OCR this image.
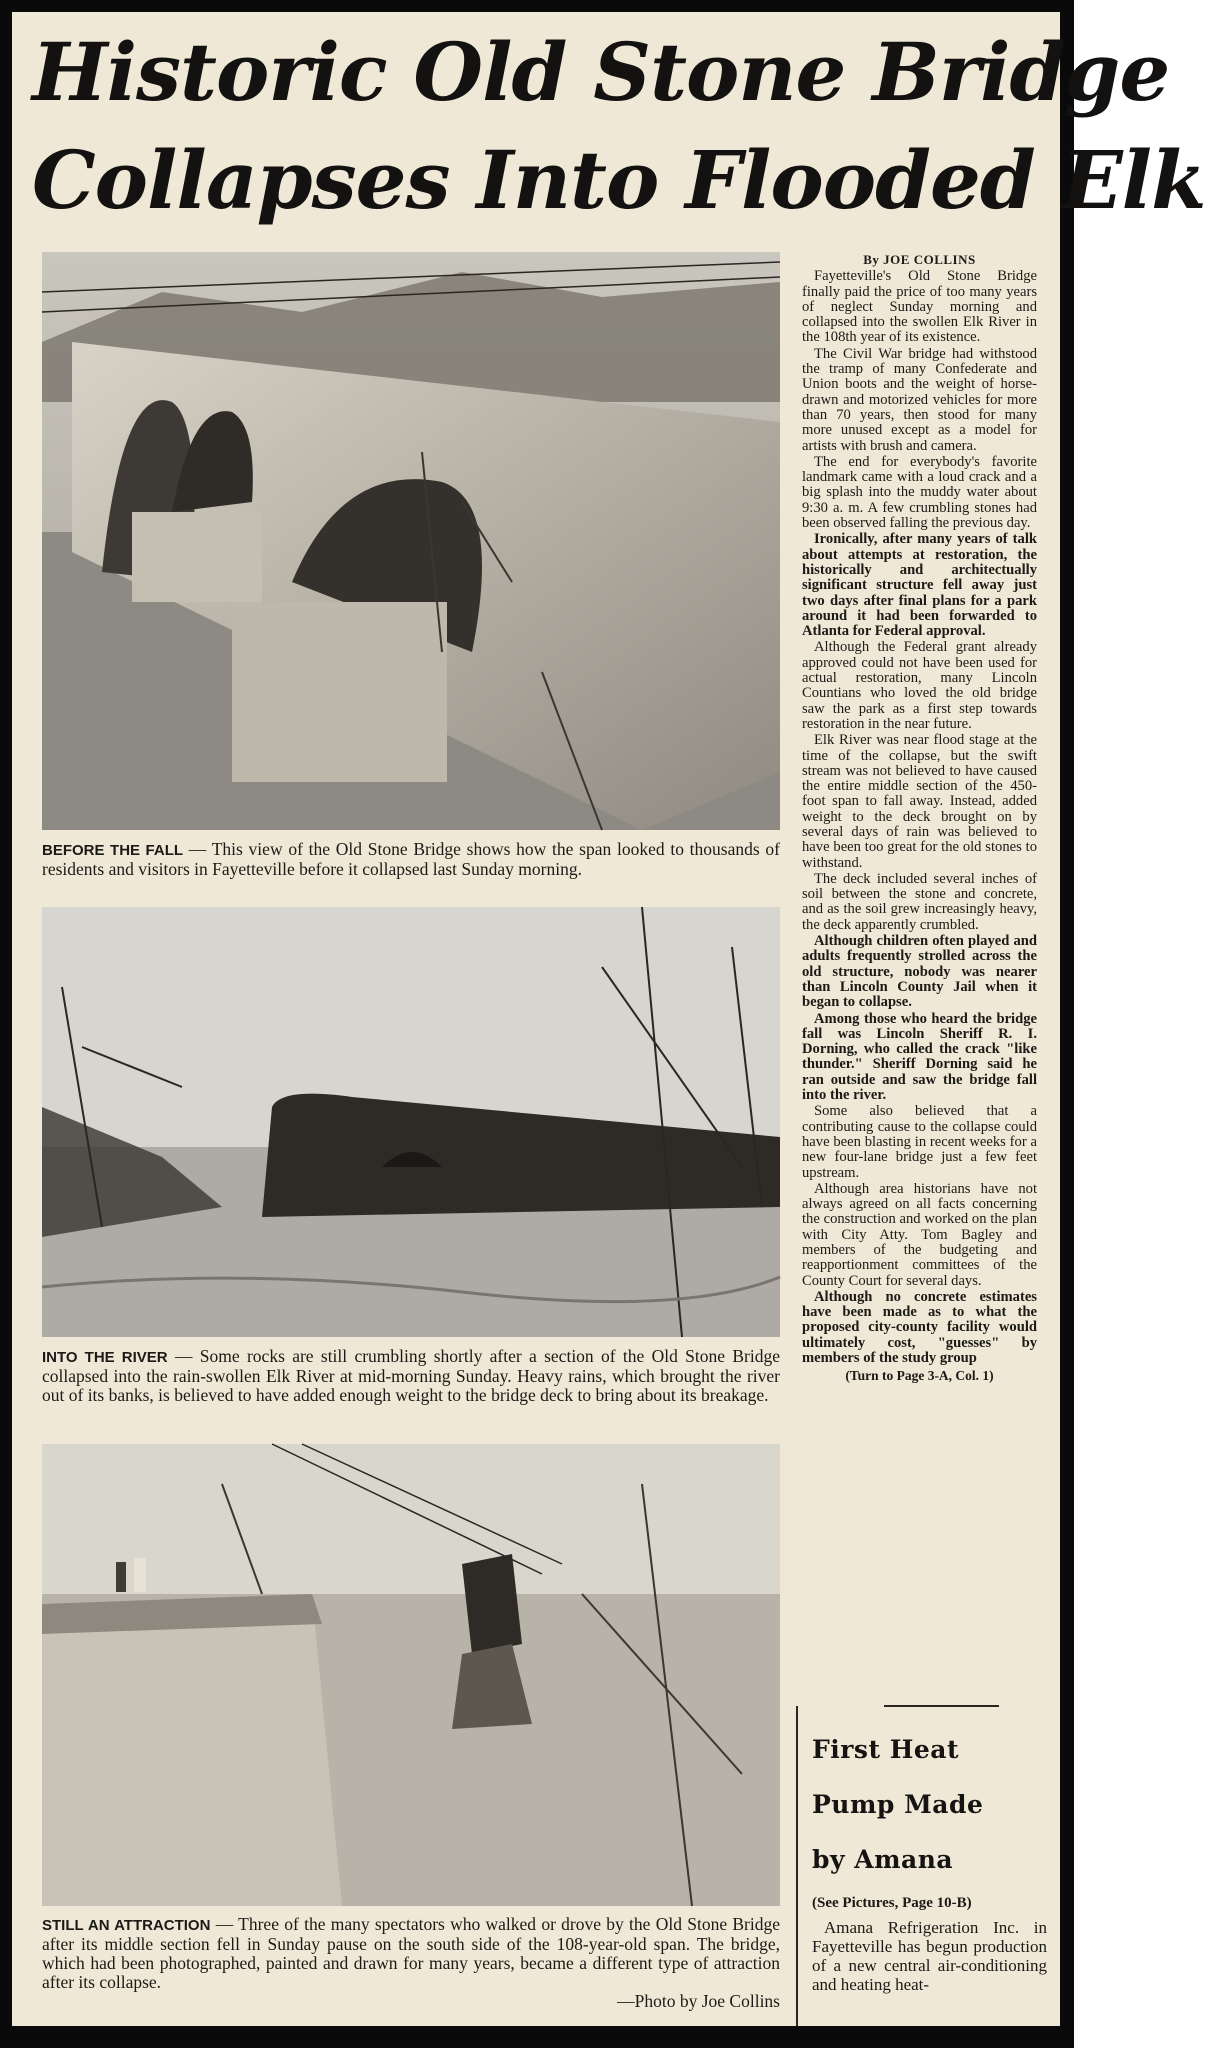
Historic Old Stone Bridge
Collapses Into Flooded Elk

BEFORE THE FALL — This view of the Old Stone Bridge shows how the span looked to thousands of residents and visitors in Fayetteville before it collapsed last Sunday morning.

INTO THE RIVER — Some rocks are still crumbling shortly after a section of the Old Stone Bridge collapsed into the rain-swollen Elk River at mid-morning Sunday. Heavy rains, which brought the river out of its banks, is believed to have added enough weight to the bridge deck to bring about its breakage.

STILL AN ATTRACTION — Three of the many spectators who walked or drove by the Old Stone Bridge after its middle section fell in Sunday pause on the south side of the 108-year-old span. The bridge, which had been photographed, painted and drawn for many years, became a different type of attraction after its collapse.
—Photo by Joe Collins

By JOE COLLINS

Fayetteville's Old Stone Bridge finally paid the price of too many years of neglect Sunday morning and collapsed into the swollen Elk River in the 108th year of its existence.

The Civil War bridge had withstood the tramp of many Confederate and Union boots and the weight of horse-drawn and motorized vehicles for more than 70 years, then stood for many more unused except as a model for artists with brush and camera.

The end for everybody's favorite landmark came with a loud crack and a big splash into the muddy water about 9:30 a. m. A few crumbling stones had been observed falling the previous day.

Ironically, after many years of talk about attempts at restoration, the historically and architectually significant structure fell away just two days after final plans for a park around it had been forwarded to Atlanta for Federal approval.

Although the Federal grant already approved could not have been used for actual restoration, many Lincoln Countians who loved the old bridge saw the park as a first step towards restoration in the near future.

Elk River was near flood stage at the time of the collapse, but the swift stream was not believed to have caused the entire middle section of the 450-foot span to fall away. Instead, added weight to the deck brought on by several days of rain was believed to have been too great for the old stones to withstand.

The deck included several inches of soil between the stone and concrete, and as the soil grew increasingly heavy, the deck apparently crumbled.

Although children often played and adults frequently strolled across the old structure, nobody was nearer than Lincoln County Jail when it began to collapse.

Among those who heard the bridge fall was Lincoln Sheriff R. I. Dorning, who called the crack "like thunder." Sheriff Dorning said he ran outside and saw the bridge fall into the river.

Some also believed that a contributing cause to the collapse could have been blasting in recent weeks for a new four-lane bridge just a few feet upstream.

Although area historians have not always agreed on all facts concerning the construction and worked on the plan with City Atty. Tom Bagley and members of the budgeting and reapportionment committees of the County Court for several days.

Although no concrete estimates have been made as to what the proposed city-county facility would ultimately cost, "guesses" by members of the study group

(Turn to Page 3-A, Col. 1)
First Heat
Pump Made
by Amana
(See Pictures, Page 10-B)

Amana Refrigeration Inc. in Fayetteville has begun production of a new central air-conditioning and heating heat-
